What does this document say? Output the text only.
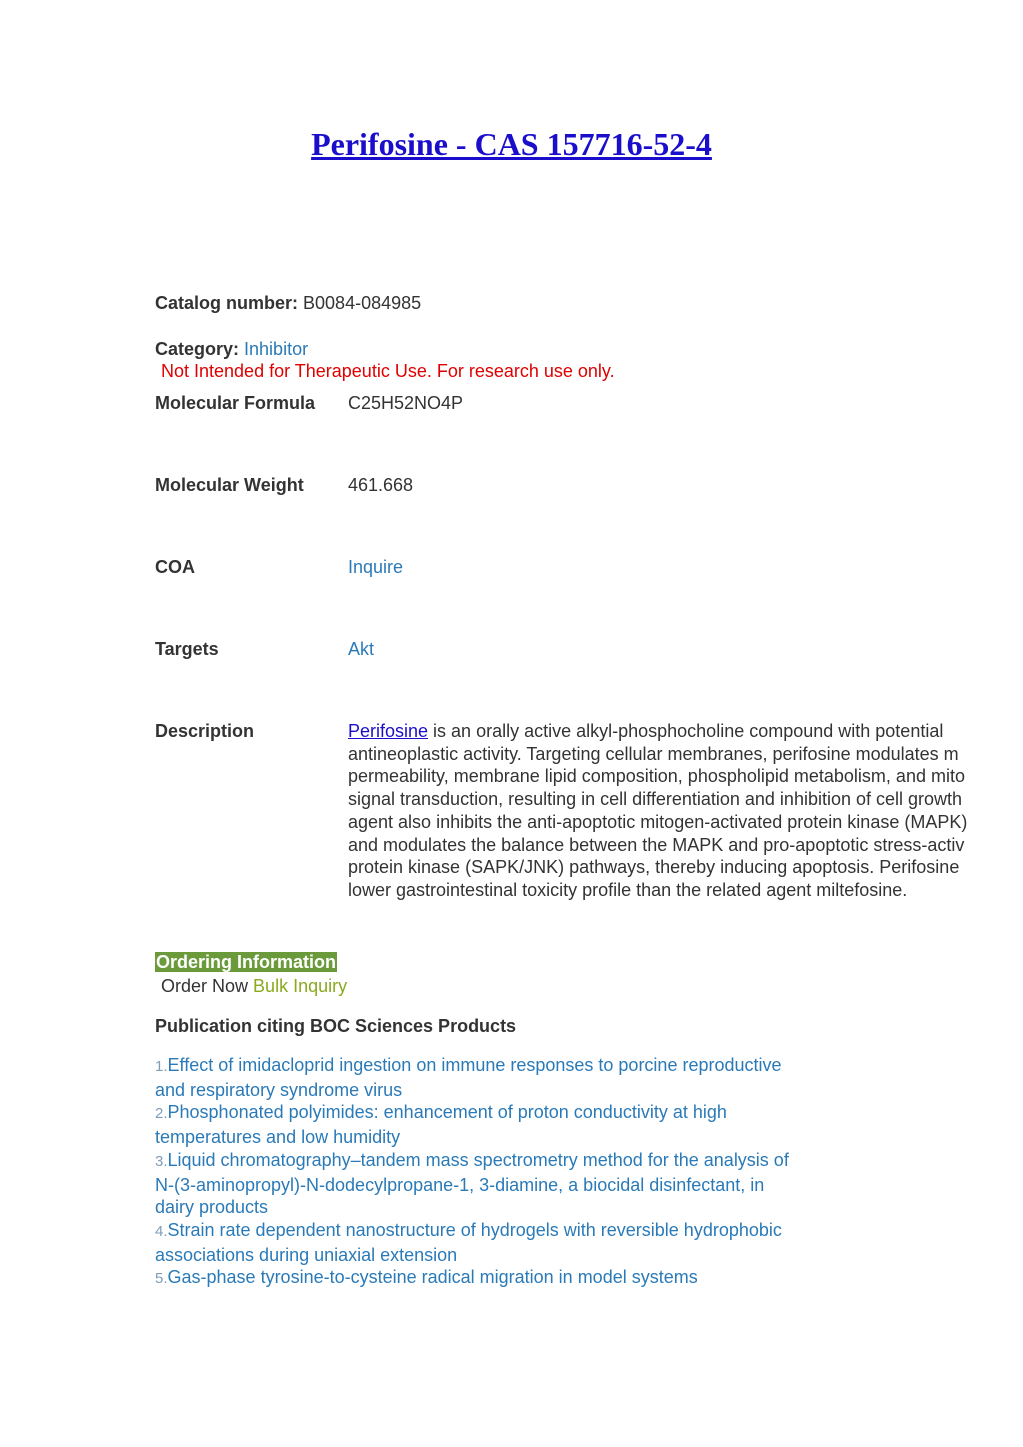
Perifosine - CAS 157716-52-4
Catalog number: B0084-084985
Category: Inhibitor
Not Intended for Therapeutic Use. For research use only.
Molecular Formula C25H52NO4P
Molecular Weight 461.668
COA	Inquire
Targets	Akt
Description	Perifosine is an orally active alkyl-phosphocholine compound with potential
antineoplastic activity. Targeting cellular membranes, perifosine modulates m
permeability, membrane lipid composition, phospholipid metabolism, and mito
signal transduction, resulting in cell differentiation and inhibition of cell growth
agent also inhibits the anti-apoptotic mitogen-activated protein kinase (MAPK)
and modulates the balance between the MAPK and pro-apoptotic stress-activ
protein kinase (SAPK/JNK) pathways, thereby inducing apoptosis. Perifosine
lower gastrointestinal toxicity profile than the related agent miltefosine.
Ordering Information
Order Now Bulk Inquiry
Publication citing BOC Sciences Products
1.Effect of imidacloprid ingestion on immune responses to porcine reproductive
and respiratory syndrome virus
2.Phosphonated polyimides: enhancement of proton conductivity at high
temperatures and low humidity
3.Liquid chromatography–tandem mass spectrometry method for the analysis of
N-(3-aminopropyl)-N-dodecylpropane-1, 3-diamine, a biocidal disinfectant, in
dairy products
4.Strain rate dependent nanostructure of hydrogels with reversible hydrophobic
associations during uniaxial extension
5.Gas-phase tyrosine-to-cysteine radical migration in model systems
